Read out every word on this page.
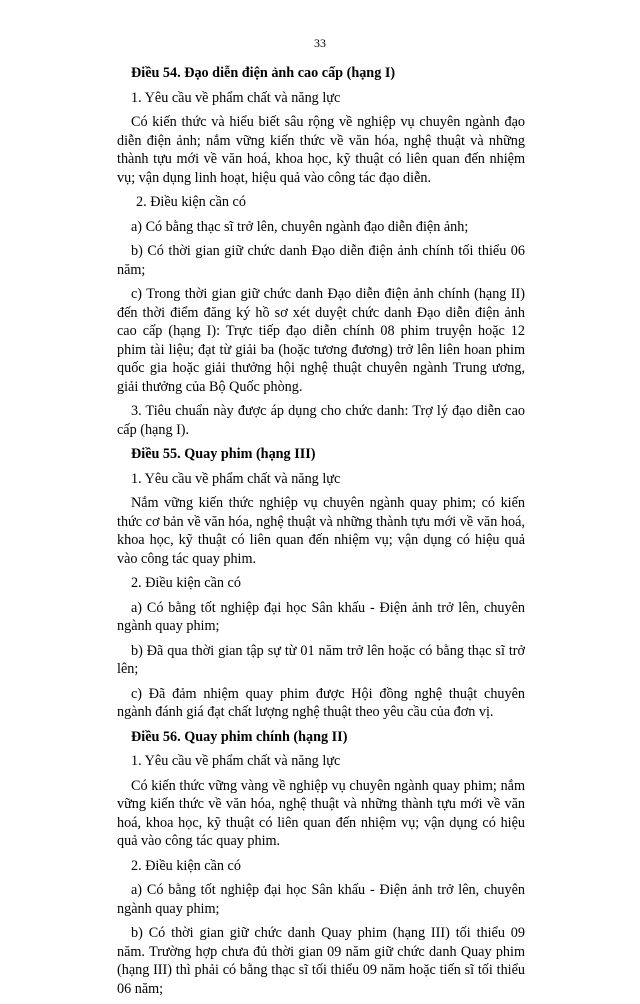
33

Điều 54. Đạo diễn điện ảnh cao cấp (hạng I)

1. Yêu cầu về phẩm chất và năng lực

Có kiến thức và hiểu biết sâu rộng về nghiệp vụ chuyên ngành đạo diễn điện ảnh; nắm vững kiến thức về văn hóa, nghệ thuật và những thành tựu mới về văn hoá, khoa học, kỹ thuật có liên quan đến nhiệm vụ; vận dụng linh hoạt, hiệu quả vào công tác đạo diễn.

2. Điều kiện cần có

a) Có bằng thạc sĩ trở lên, chuyên ngành đạo diễn điện ảnh;

b) Có thời gian giữ chức danh Đạo diễn điện ảnh chính tối thiểu 06 năm;

c) Trong thời gian giữ chức danh Đạo diễn điện ảnh chính (hạng II) đến thời điểm đăng ký hồ sơ xét duyệt chức danh Đạo diễn điện ảnh cao cấp (hạng I): Trực tiếp đạo diễn chính 08 phim truyện hoặc 12 phim tài liệu; đạt từ giải ba (hoặc tương đương) trở lên liên hoan phim quốc gia hoặc giải thưởng hội nghệ thuật chuyên ngành Trung ương, giải thưởng của Bộ Quốc phòng.

3. Tiêu chuẩn này được áp dụng cho chức danh: Trợ lý đạo diễn cao cấp (hạng I).

Điều 55. Quay phim (hạng III)

1. Yêu cầu về phẩm chất và năng lực

Nắm vững kiến thức nghiệp vụ chuyên ngành quay phim; có kiến thức cơ bản về văn hóa, nghệ thuật và những thành tựu mới về văn hoá, khoa học, kỹ thuật có liên quan đến nhiệm vụ; vận dụng có hiệu quả vào công tác quay phim.

2. Điều kiện cần có

a) Có bằng tốt nghiệp đại học Sân khấu - Điện ảnh trở lên, chuyên ngành quay phim;

b) Đã qua thời gian tập sự từ 01 năm trở lên hoặc có bằng thạc sĩ trở lên;

c) Đã đảm nhiệm quay phim được Hội đồng nghệ thuật chuyên ngành đánh giá đạt chất lượng nghệ thuật theo yêu cầu của đơn vị.

Điều 56. Quay phim chính (hạng II)

1. Yêu cầu về phẩm chất và năng lực

Có kiến thức vững vàng về nghiệp vụ chuyên ngành quay phim; nắm vững kiến thức về văn hóa, nghệ thuật và những thành tựu mới về văn hoá, khoa học, kỹ thuật có liên quan đến nhiệm vụ; vận dụng có hiệu quả vào công tác quay phim.

2. Điều kiện cần có

a) Có bằng tốt nghiệp đại học Sân khấu - Điện ảnh trở lên, chuyên ngành quay phim;

b) Có thời gian giữ chức danh Quay phim (hạng III) tối thiểu 09 năm. Trường hợp chưa đủ thời gian 09 năm giữ chức danh Quay phim (hạng III) thì phải có bằng thạc sĩ tối thiểu 09 năm hoặc tiến sĩ tối thiểu 06 năm;
